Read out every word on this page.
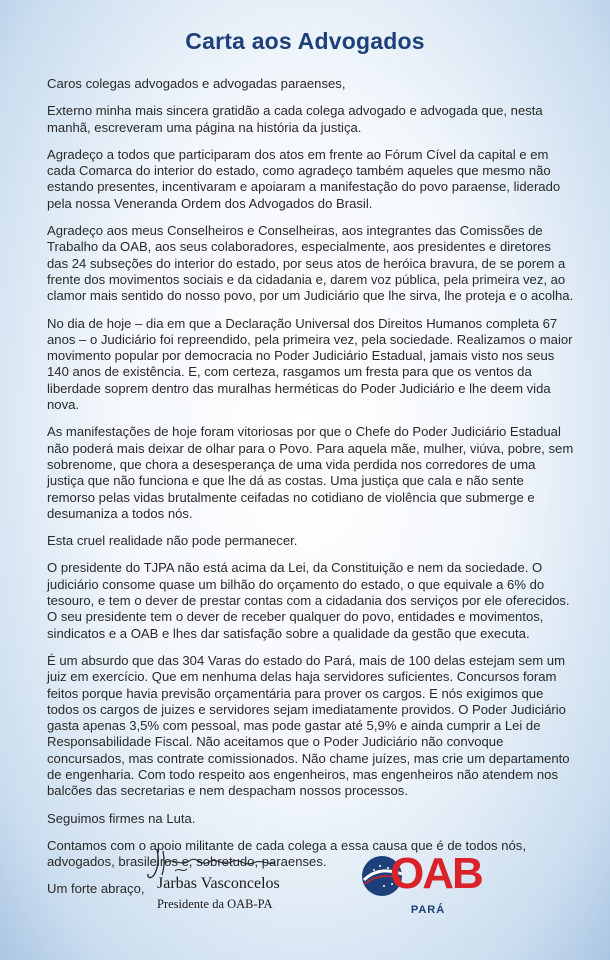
Carta aos Advogados

Caros colegas advogados e advogadas paraenses,

Externo minha mais sincera gratidão a cada colega advogado e advogada que, nesta manhã, escreveram uma página na história da justiça.

Agradeço a todos que participaram dos atos em frente ao Fórum Cível da capital e em cada Comarca do interior do estado, como agradeço também aqueles que mesmo não estando presentes, incentivaram e apoiaram a manifestação do povo paraense, liderado pela nossa Veneranda Ordem dos Advogados do Brasil.

Agradeço aos meus Conselheiros e Conselheiras, aos integrantes das Comissões de Trabalho da OAB, aos seus colaboradores, especialmente, aos presidentes e diretores das 24 subseções do interior do estado, por seus atos de heróica bravura, de se porem a frente dos movimentos sociais e da cidadania e, darem voz pública, pela primeira vez, ao clamor mais sentido do nosso povo, por um Judiciário que lhe sirva, lhe proteja e o acolha.

No dia de hoje – dia em que a Declaração Universal dos Direitos Humanos completa 67 anos – o Judiciário foi repreendido, pela primeira vez, pela sociedade. Realizamos o maior movimento popular por democracia no Poder Judiciário Estadual, jamais visto nos seus 140 anos de existência. E, com certeza, rasgamos um fresta para que os ventos da liberdade soprem dentro das muralhas herméticas do Poder Judiciário e lhe deem vida nova.

As manifestações de hoje foram vitoriosas por que o Chefe do Poder Judiciário Estadual não poderá mais deixar de olhar para o Povo. Para aquela mãe, mulher, viúva, pobre, sem sobrenome, que chora a desesperança de uma vida perdida nos corredores de uma justiça que não funciona e que lhe dá as costas. Uma justiça que cala e não sente remorso pelas vidas brutalmente ceifadas no cotidiano de violência que submerge e desumaniza a todos nós.

Esta cruel realidade não pode permanecer.

O presidente do TJPA não está acima da Lei, da Constituição e nem da sociedade. O judiciário consome quase um bilhão do orçamento do estado, o que equivale a 6% do tesouro, e tem o dever de prestar contas com a cidadania dos serviços por ele oferecidos. O seu presidente tem o dever de receber qualquer do povo, entidades e movimentos, sindicatos e a OAB e lhes dar satisfação sobre a qualidade da gestão que executa.

É um absurdo que das 304 Varas do estado do Pará, mais de 100 delas estejam sem um juiz em exercício. Que em nenhuma delas haja servidores suficientes. Concursos foram feitos porque havia previsão orçamentária para prover os cargos. E nós exigimos que todos os cargos de juizes e servidores sejam imediatamente providos. O Poder Judiciário gasta apenas 3,5% com pessoal, mas pode gastar até 5,9% e ainda cumprir a Lei de Responsabilidade Fiscal. Não aceitamos que o Poder Judiciário não convoque concursados, mas contrate comissionados. Não chame juízes, mas crie um departamento de engenharia. Com todo respeito aos engenheiros, mas engenheiros não atendem nos balcões das secretarias e nem despacham nossos processos.

Seguimos firmes na Luta.

Contamos com o apoio militante de cada colega a essa causa que é de todos nós, advogados, brasileiros e, sobretudo, paraenses.

Um forte abraço, Jarbas Vasconcelos
Presidente da OAB-PA
OAB
PARÁ
